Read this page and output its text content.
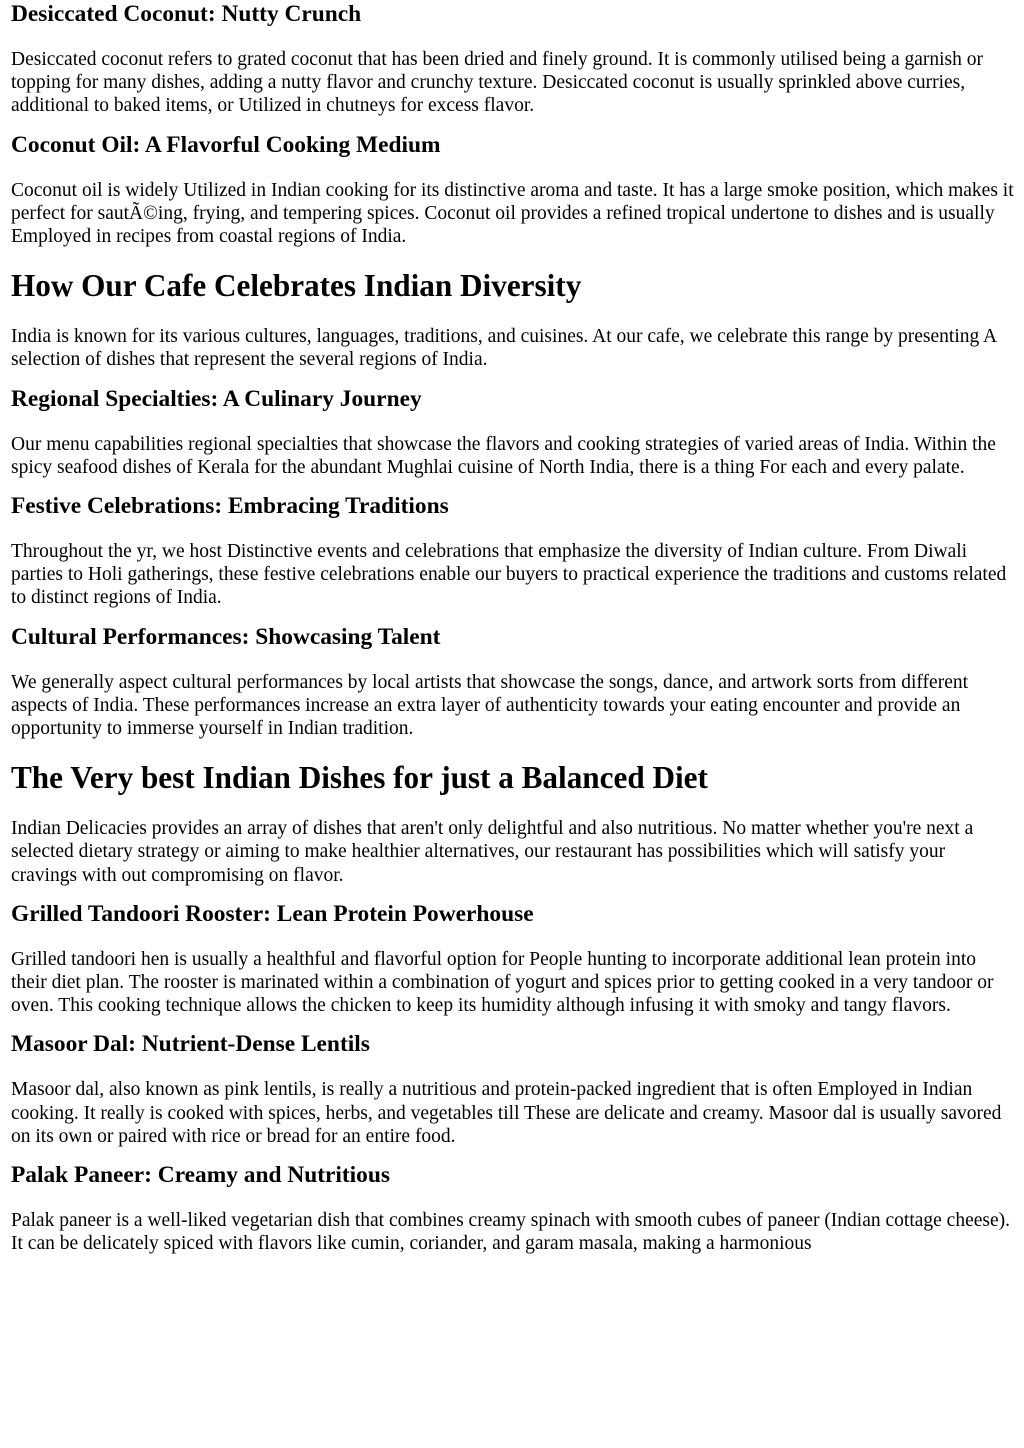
Desiccated Coconut: Nutty Crunch

Desiccated coconut refers to grated coconut that has been dried and finely ground. It is commonly utilised being a garnish or topping for many dishes, adding a nutty flavor and crunchy texture. Desiccated coconut is usually sprinkled above curries, additional to baked items, or Utilized in chutneys for excess flavor.

Coconut Oil: A Flavorful Cooking Medium

Coconut oil is widely Utilized in Indian cooking for its distinctive aroma and taste. It has a large smoke position, which makes it perfect for sautÃ©ing, frying, and tempering spices. Coconut oil provides a refined tropical undertone to dishes and is usually Employed in recipes from coastal regions of India.

How Our Cafe Celebrates Indian Diversity

India is known for its various cultures, languages, traditions, and cuisines. At our cafe, we celebrate this range by presenting A selection of dishes that represent the several regions of India.

Regional Specialties: A Culinary Journey

Our menu capabilities regional specialties that showcase the flavors and cooking strategies of varied areas of India. Within the spicy seafood dishes of Kerala for the abundant Mughlai cuisine of North India, there is a thing For each and every palate.

Festive Celebrations: Embracing Traditions

Throughout the yr, we host Distinctive events and celebrations that emphasize the diversity of Indian culture. From Diwali parties to Holi gatherings, these festive celebrations enable our buyers to practical experience the traditions and customs related to distinct regions of India.

Cultural Performances: Showcasing Talent

We generally aspect cultural performances by local artists that showcase the songs, dance, and artwork sorts from different aspects of India. These performances increase an extra layer of authenticity towards your eating encounter and provide an opportunity to immerse yourself in Indian tradition.

The Very best Indian Dishes for just a Balanced Diet

Indian Delicacies provides an array of dishes that aren't only delightful and also nutritious. No matter whether you're next a selected dietary strategy or aiming to make healthier alternatives, our restaurant has possibilities which will satisfy your cravings with out compromising on flavor.

Grilled Tandoori Rooster: Lean Protein Powerhouse

Grilled tandoori hen is usually a healthful and flavorful option for People hunting to incorporate additional lean protein into their diet plan. The rooster is marinated within a combination of yogurt and spices prior to getting cooked in a very tandoor or oven. This cooking technique allows the chicken to keep its humidity although infusing it with smoky and tangy flavors.

Masoor Dal: Nutrient-Dense Lentils

Masoor dal, also known as pink lentils, is really a nutritious and protein-packed ingredient that is often Employed in Indian cooking. It really is cooked with spices, herbs, and vegetables till These are delicate and creamy. Masoor dal is usually savored on its own or paired with rice or bread for an entire food.

Palak Paneer: Creamy and Nutritious

Palak paneer is a well-liked vegetarian dish that combines creamy spinach with smooth cubes of paneer (Indian cottage cheese). It can be delicately spiced with flavors like cumin, coriander, and garam masala, making a harmonious
